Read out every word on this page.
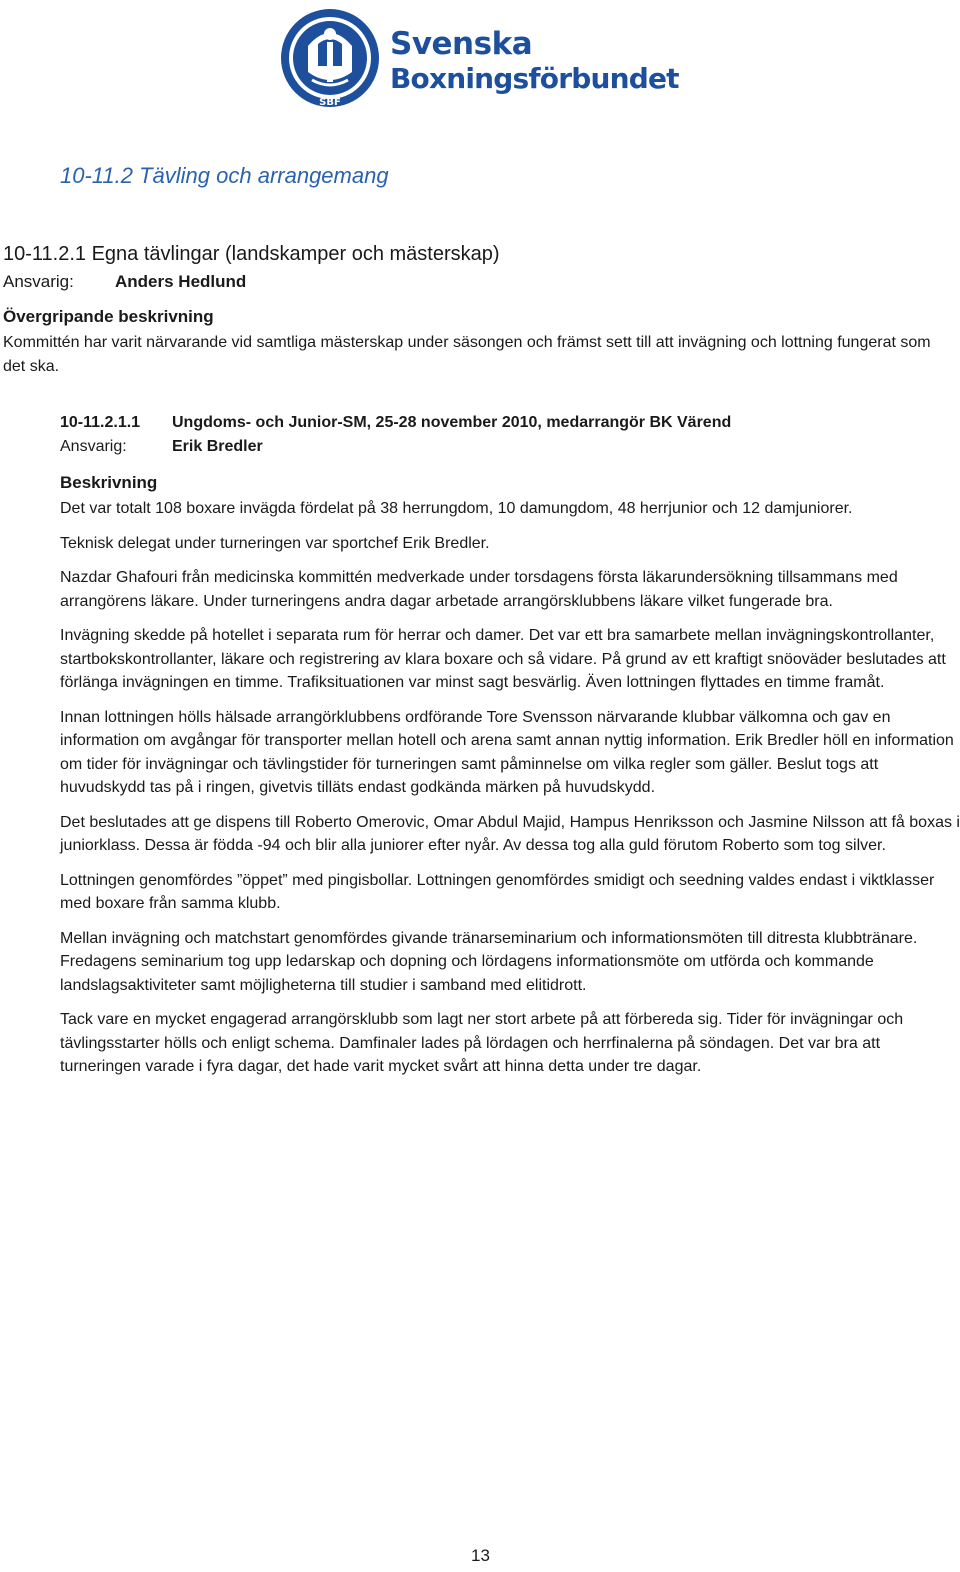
SBF
Svenska
Boxningsförbundet
10-11.2 Tävling och arrangemang
10-11.2.1 Egna tävlingar (landskamper och mästerskap)
Ansvarig: Anders Hedlund
Övergripande beskrivning
Kommittén har varit närvarande vid samtliga mästerskap under säsongen och främst sett till att invägning och lottning fungerat som det ska.
10-11.2.1.1 Ungdoms- och Junior-SM, 25-28 november 2010, medarrangör BK Värend
Ansvarig:	Erik Bredler
Beskrivning

Det var totalt 108 boxare invägda fördelat på 38 herrungdom, 10 damungdom, 48 herrjunior och 12 damjuniorer.

Teknisk delegat under turneringen var sportchef Erik Bredler.

Nazdar Ghafouri från medicinska kommittén medverkade under torsdagens första läkarundersökning tillsammans med arrangörens läkare. Under turneringens andra dagar arbetade arrangörsklubbens läkare vilket fungerade bra.

Invägning skedde på hotellet i separata rum för herrar och damer. Det var ett bra samarbete mellan invägningskontrollanter, startbokskontrollanter, läkare och registrering av klara boxare och så vidare. På grund av ett kraftigt snöoväder beslutades att förlänga invägningen en timme. Trafiksituationen var minst sagt besvärlig. Även lottningen flyttades en timme framåt.

Innan lottningen hölls hälsade arrangörklubbens ordförande Tore Svensson närvarande klubbar välkomna och gav en information om avgångar för transporter mellan hotell och arena samt annan nyttig information. Erik Bredler höll en information om tider för invägningar och tävlingstider för turneringen samt påminnelse om vilka regler som gäller. Beslut togs att huvudskydd tas på i ringen, givetvis tilläts endast godkända märken på huvudskydd.

Det beslutades att ge dispens till Roberto Omerovic, Omar Abdul Majid, Hampus Henriksson och Jasmine Nilsson att få boxas i juniorklass. Dessa är födda -94 och blir alla juniorer efter nyår. Av dessa tog alla guld förutom Roberto som tog silver.

Lottningen genomfördes ”öppet” med pingisbollar. Lottningen genomfördes smidigt och seedning valdes endast i viktklasser med boxare från samma klubb.

Mellan invägning och matchstart genomfördes givande tränarseminarium och informationsmöten till ditresta klubbtränare. Fredagens seminarium tog upp ledarskap och dopning och lördagens informationsmöte om utförda och kommande landslagsaktiviteter samt möjligheterna till studier i samband med elitidrott.

Tack vare en mycket engagerad arrangörsklubb som lagt ner stort arbete på att förbereda sig. Tider för invägningar och tävlingsstarter hölls och enligt schema. Damfinaler lades på lördagen och herrfinalerna på söndagen. Det var bra att turneringen varade i fyra dagar, det hade varit mycket svårt att hinna detta under tre dagar.

13
